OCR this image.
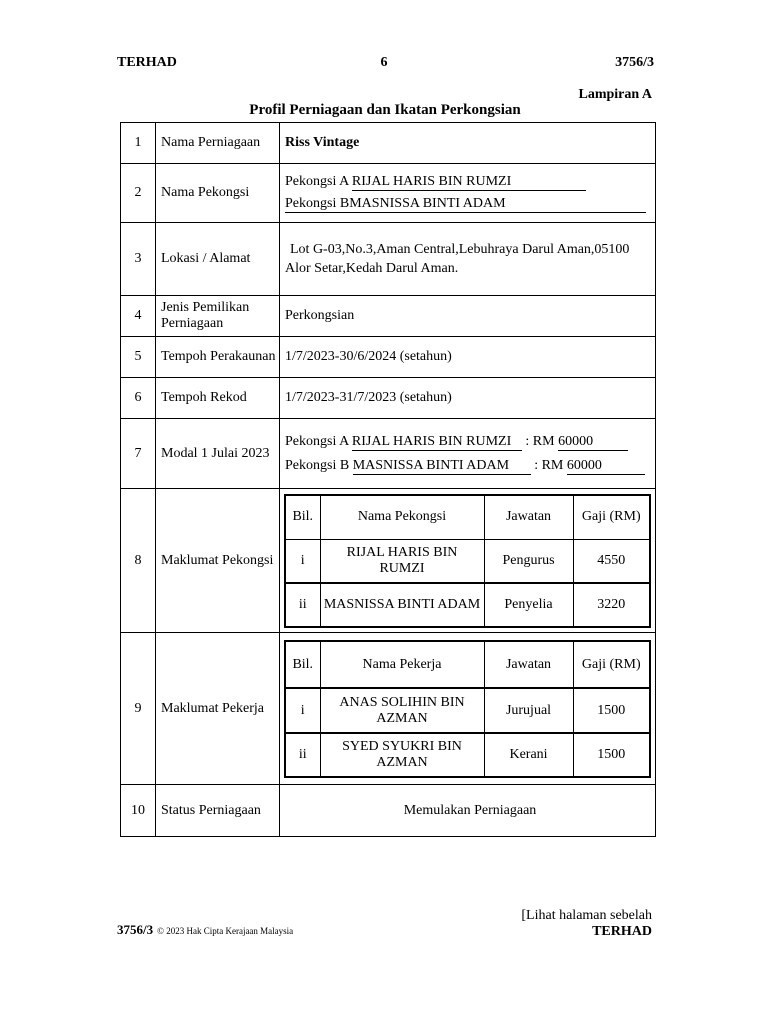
TERHAD	6	3756/3
Lampiran A
Profil Perniagaan dan Ikatan Perkongsian
1	Nama Perniagaan	Riss Vintage
2	Nama Pekongsi	
Pekongsi A RIJAL HARIS BIN RUMZI
Pekongsi BMASNISSA BINTI ADAM

3	Lokasi / Alamat	Lot G-03,No.3,Aman Central,Lebuhraya Darul Aman,05100 Alor Setar,Kedah Darul Aman.
4	Jenis Pemilikan Perniagaan	Perkongsian
5	Tempoh Perakaunan	1/7/2023-30/6/2024 (setahun)
6	Tempoh Rekod	1/7/2023-31/7/2023 (setahun)
7	Modal 1 Julai 2023	
Pekongsi A RIJAL HARIS BIN RUMZI : RM 60000
Pekongsi B MASNISSA BINTI ADAM : RM 60000

8	Maklumat Pekongsi	
Bil.	Nama Pekongsi	Jawatan	Gaji (RM)
i	RIJAL HARIS BIN RUMZI	Pengurus	4550
ii	MASNISSA BINTI ADAM	Penyelia	3220

9	Maklumat Pekerja	
Bil.	Nama Pekerja	Jawatan	Gaji (RM)
i	ANAS SOLIHIN BIN AZMAN	Jurujual	1500
ii	SYED SYUKRI BIN AZMAN	Kerani	1500

10	Status Perniagaan	Memulakan Perniagaan
[Lihat halaman sebelah
3756/3 © 2023 Hak Cipta Kerajaan Malaysia	TERHAD
